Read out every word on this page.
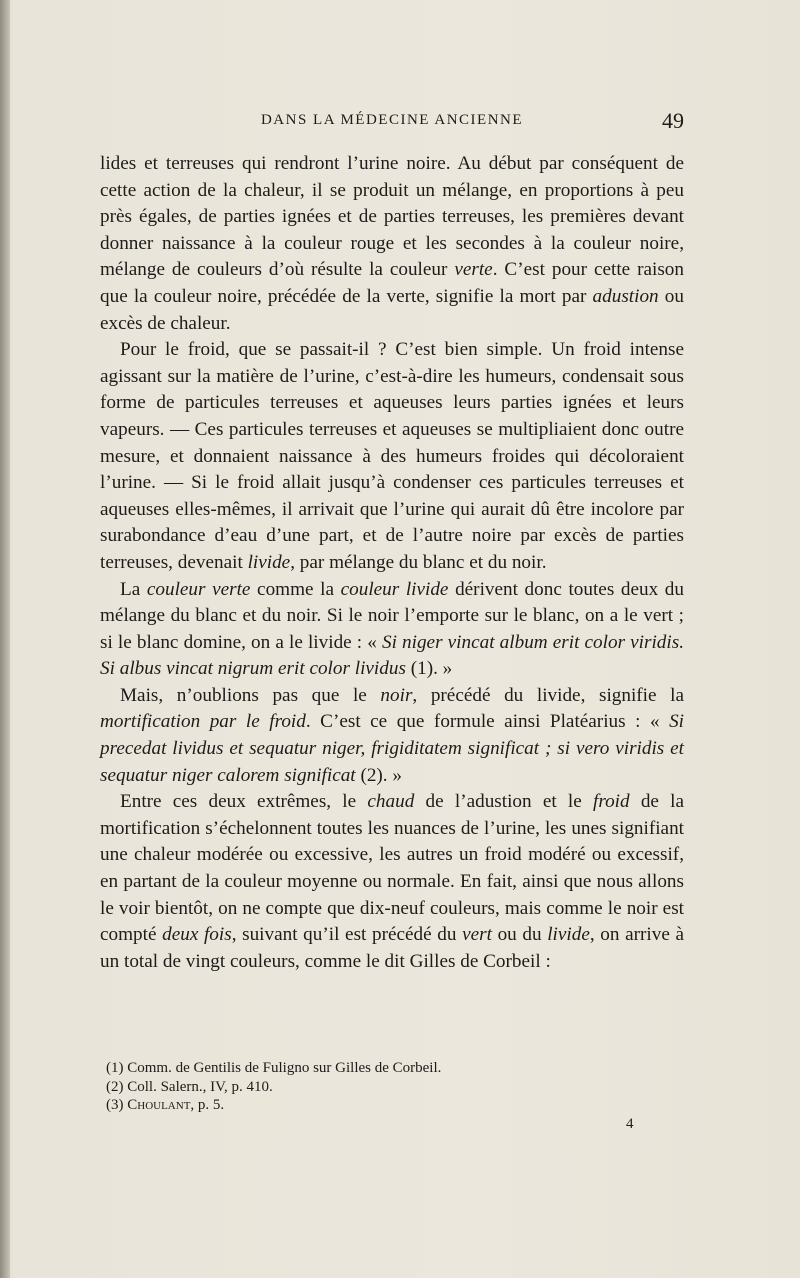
DANS LA MÉDECINE ANCIENNE	49

lides et terreuses qui rendront l’urine noire. Au début par conséquent de cette action de la chaleur, il se produit un mélange, en proportions à peu près égales, de parties ignées et de parties terreuses, les premières devant donner naissance à la couleur rouge et les secondes à la couleur noire, mélange de couleurs d’où résulte la couleur verte. C’est pour cette raison que la couleur noire, précédée de la verte, signifie la mort par adustion ou excès de chaleur.

Pour le froid, que se passait-il ? C’est bien simple. Un froid intense agissant sur la matière de l’urine, c’est-à-dire les humeurs, condensait sous forme de particules terreuses et aqueuses leurs parties ignées et leurs vapeurs. — Ces particules terreuses et aqueuses se multipliaient donc outre mesure, et donnaient naissance à des humeurs froides qui décoloraient l’urine. — Si le froid allait jusqu’à condenser ces particules terreuses et aqueuses elles-mêmes, il arrivait que l’urine qui aurait dû être incolore par surabondance d’eau d’une part, et de l’autre noire par excès de parties terreuses, devenait livide, par mélange du blanc et du noir.

La couleur verte comme la couleur livide dérivent donc toutes deux du mélange du blanc et du noir. Si le noir l’emporte sur le blanc, on a le vert ; si le blanc domine, on a le livide : « Si niger vincat album erit color viridis. Si albus vincat nigrum erit color lividus (1). »

Mais, n’oublions pas que le noir, précédé du livide, signifie la mortification par le froid. C’est ce que formule ainsi Platéarius : « Si precedat lividus et sequatur niger, frigiditatem significat ; si vero viridis et sequatur niger calorem significat (2). »

Entre ces deux extrêmes, le chaud de l’adustion et le froid de la mortification s’échelonnent toutes les nuances de l’urine, les unes signifiant une chaleur modérée ou excessive, les autres un froid modéré ou excessif, en partant de la couleur moyenne ou normale. En fait, ainsi que nous allons le voir bientôt, on ne compte que dix-neuf couleurs, mais comme le noir est compté deux fois, suivant qu’il est précédé du vert ou du livide, on arrive à un total de vingt couleurs, comme le dit Gilles de Corbeil :

(1) Comm. de Gentilis de Fuligno sur Gilles de Corbeil.
(2) Coll. Salern., IV, p. 410.
(3) Choulant, p. 5.
4
